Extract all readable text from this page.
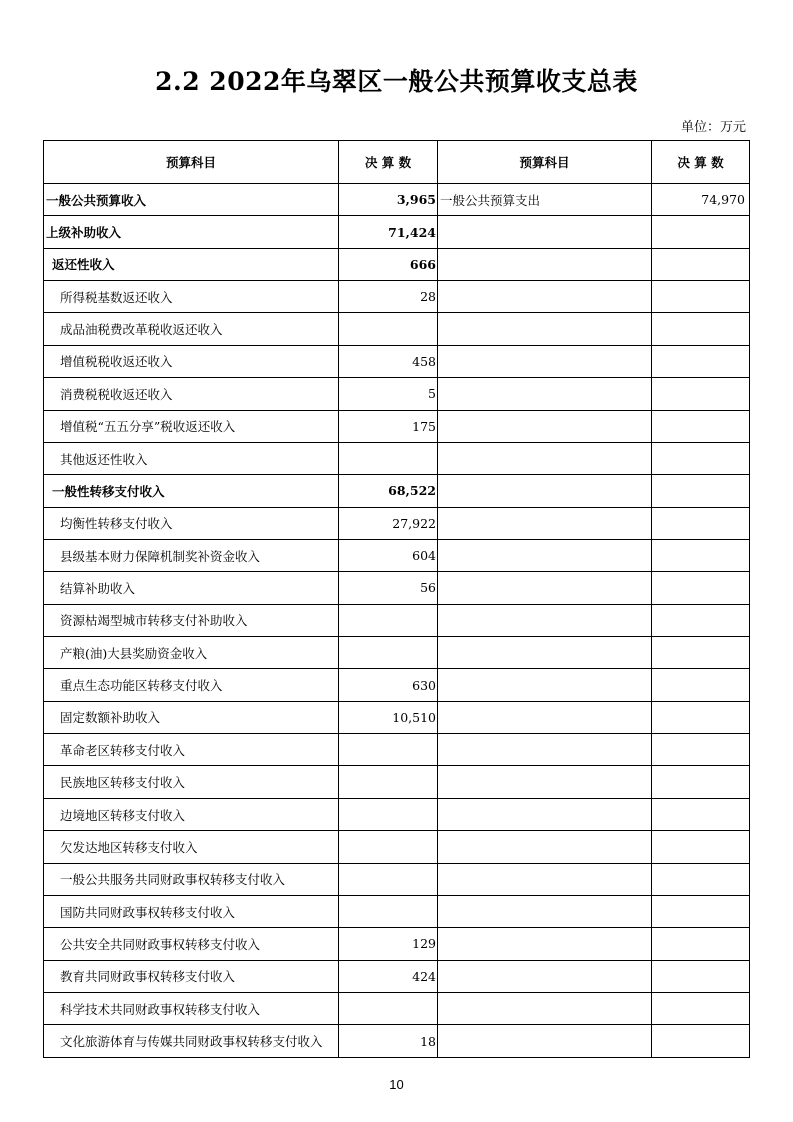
2.2 2022年乌翠区一般公共预算收支总表
单位：万元
预算科目	决 算 数	预算科目	决 算 数
一般公共预算收入	3,965	一般公共预算支出	74,970
上级补助收入	71,424		
返还性收入	666		
所得税基数返还收入	28		
成品油税费改革税收返还收入			
增值税税收返还收入	458		
消费税税收返还收入	5		
增值税“五五分享”税收返还收入	175		
其他返还性收入			
一般性转移支付收入	68,522		
均衡性转移支付收入	27,922		
县级基本财力保障机制奖补资金收入	604		
结算补助收入	56		
资源枯竭型城市转移支付补助收入			
产粮(油)大县奖励资金收入			
重点生态功能区转移支付收入	630		
固定数额补助收入	10,510		
革命老区转移支付收入			
民族地区转移支付收入			
边境地区转移支付收入			
欠发达地区转移支付收入			
一般公共服务共同财政事权转移支付收入			
国防共同财政事权转移支付收入			
公共安全共同财政事权转移支付收入	129		
教育共同财政事权转移支付收入	424		
科学技术共同财政事权转移支付收入			
文化旅游体育与传媒共同财政事权转移支付收入	18		
10
